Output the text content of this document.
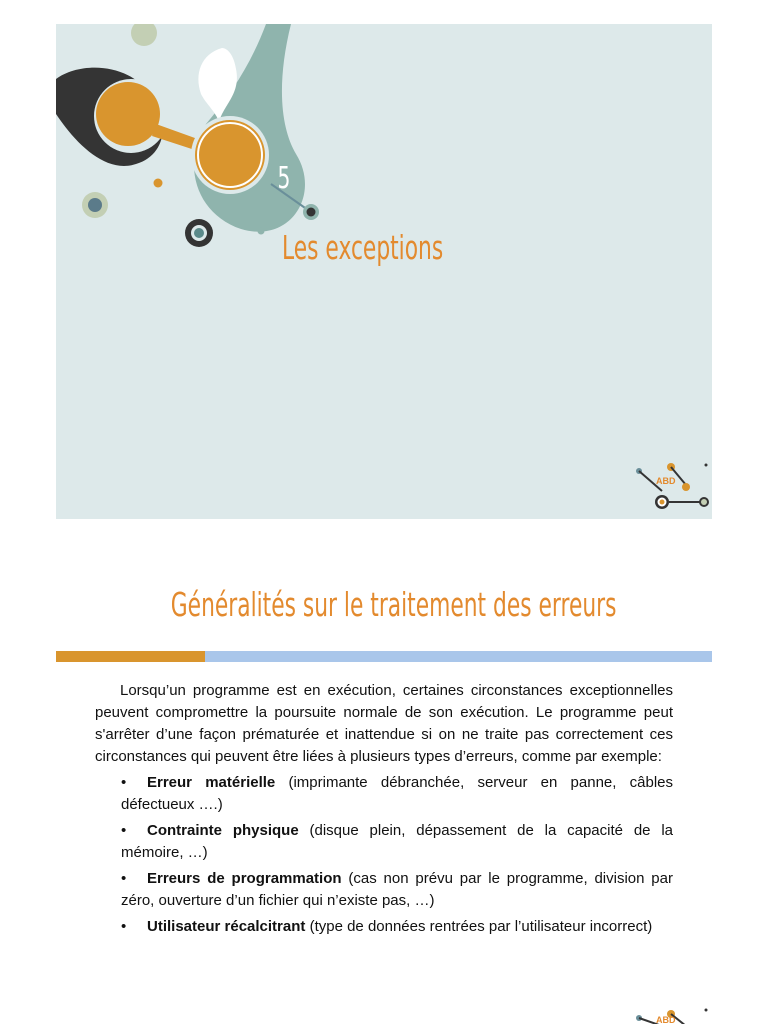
5
Les exceptions
ABD
Généralités sur le traitement des erreurs

Lorsqu’un programme est en exécution, certaines circonstances exceptionnelles peuvent compromettre la poursuite normale de son exécution. Le programme peut s'arrêter d’une façon prématurée et inattendue si on ne traite pas correctement ces circonstances qui peuvent être liées à plusieurs types d’erreurs, comme par exemple:

• Erreur matérielle (imprimante débranchée, serveur en panne, câbles défectueux ….)
• Contrainte physique (disque plein, dépassement de la capacité de la mémoire, …)
• Erreurs de programmation (cas non prévu par le programme, division par zéro, ouverture d’un fichier qui n’existe pas, …)
• Utilisateur récalcitrant (type de données rentrées par l’utilisateur incorrect)
ABD
